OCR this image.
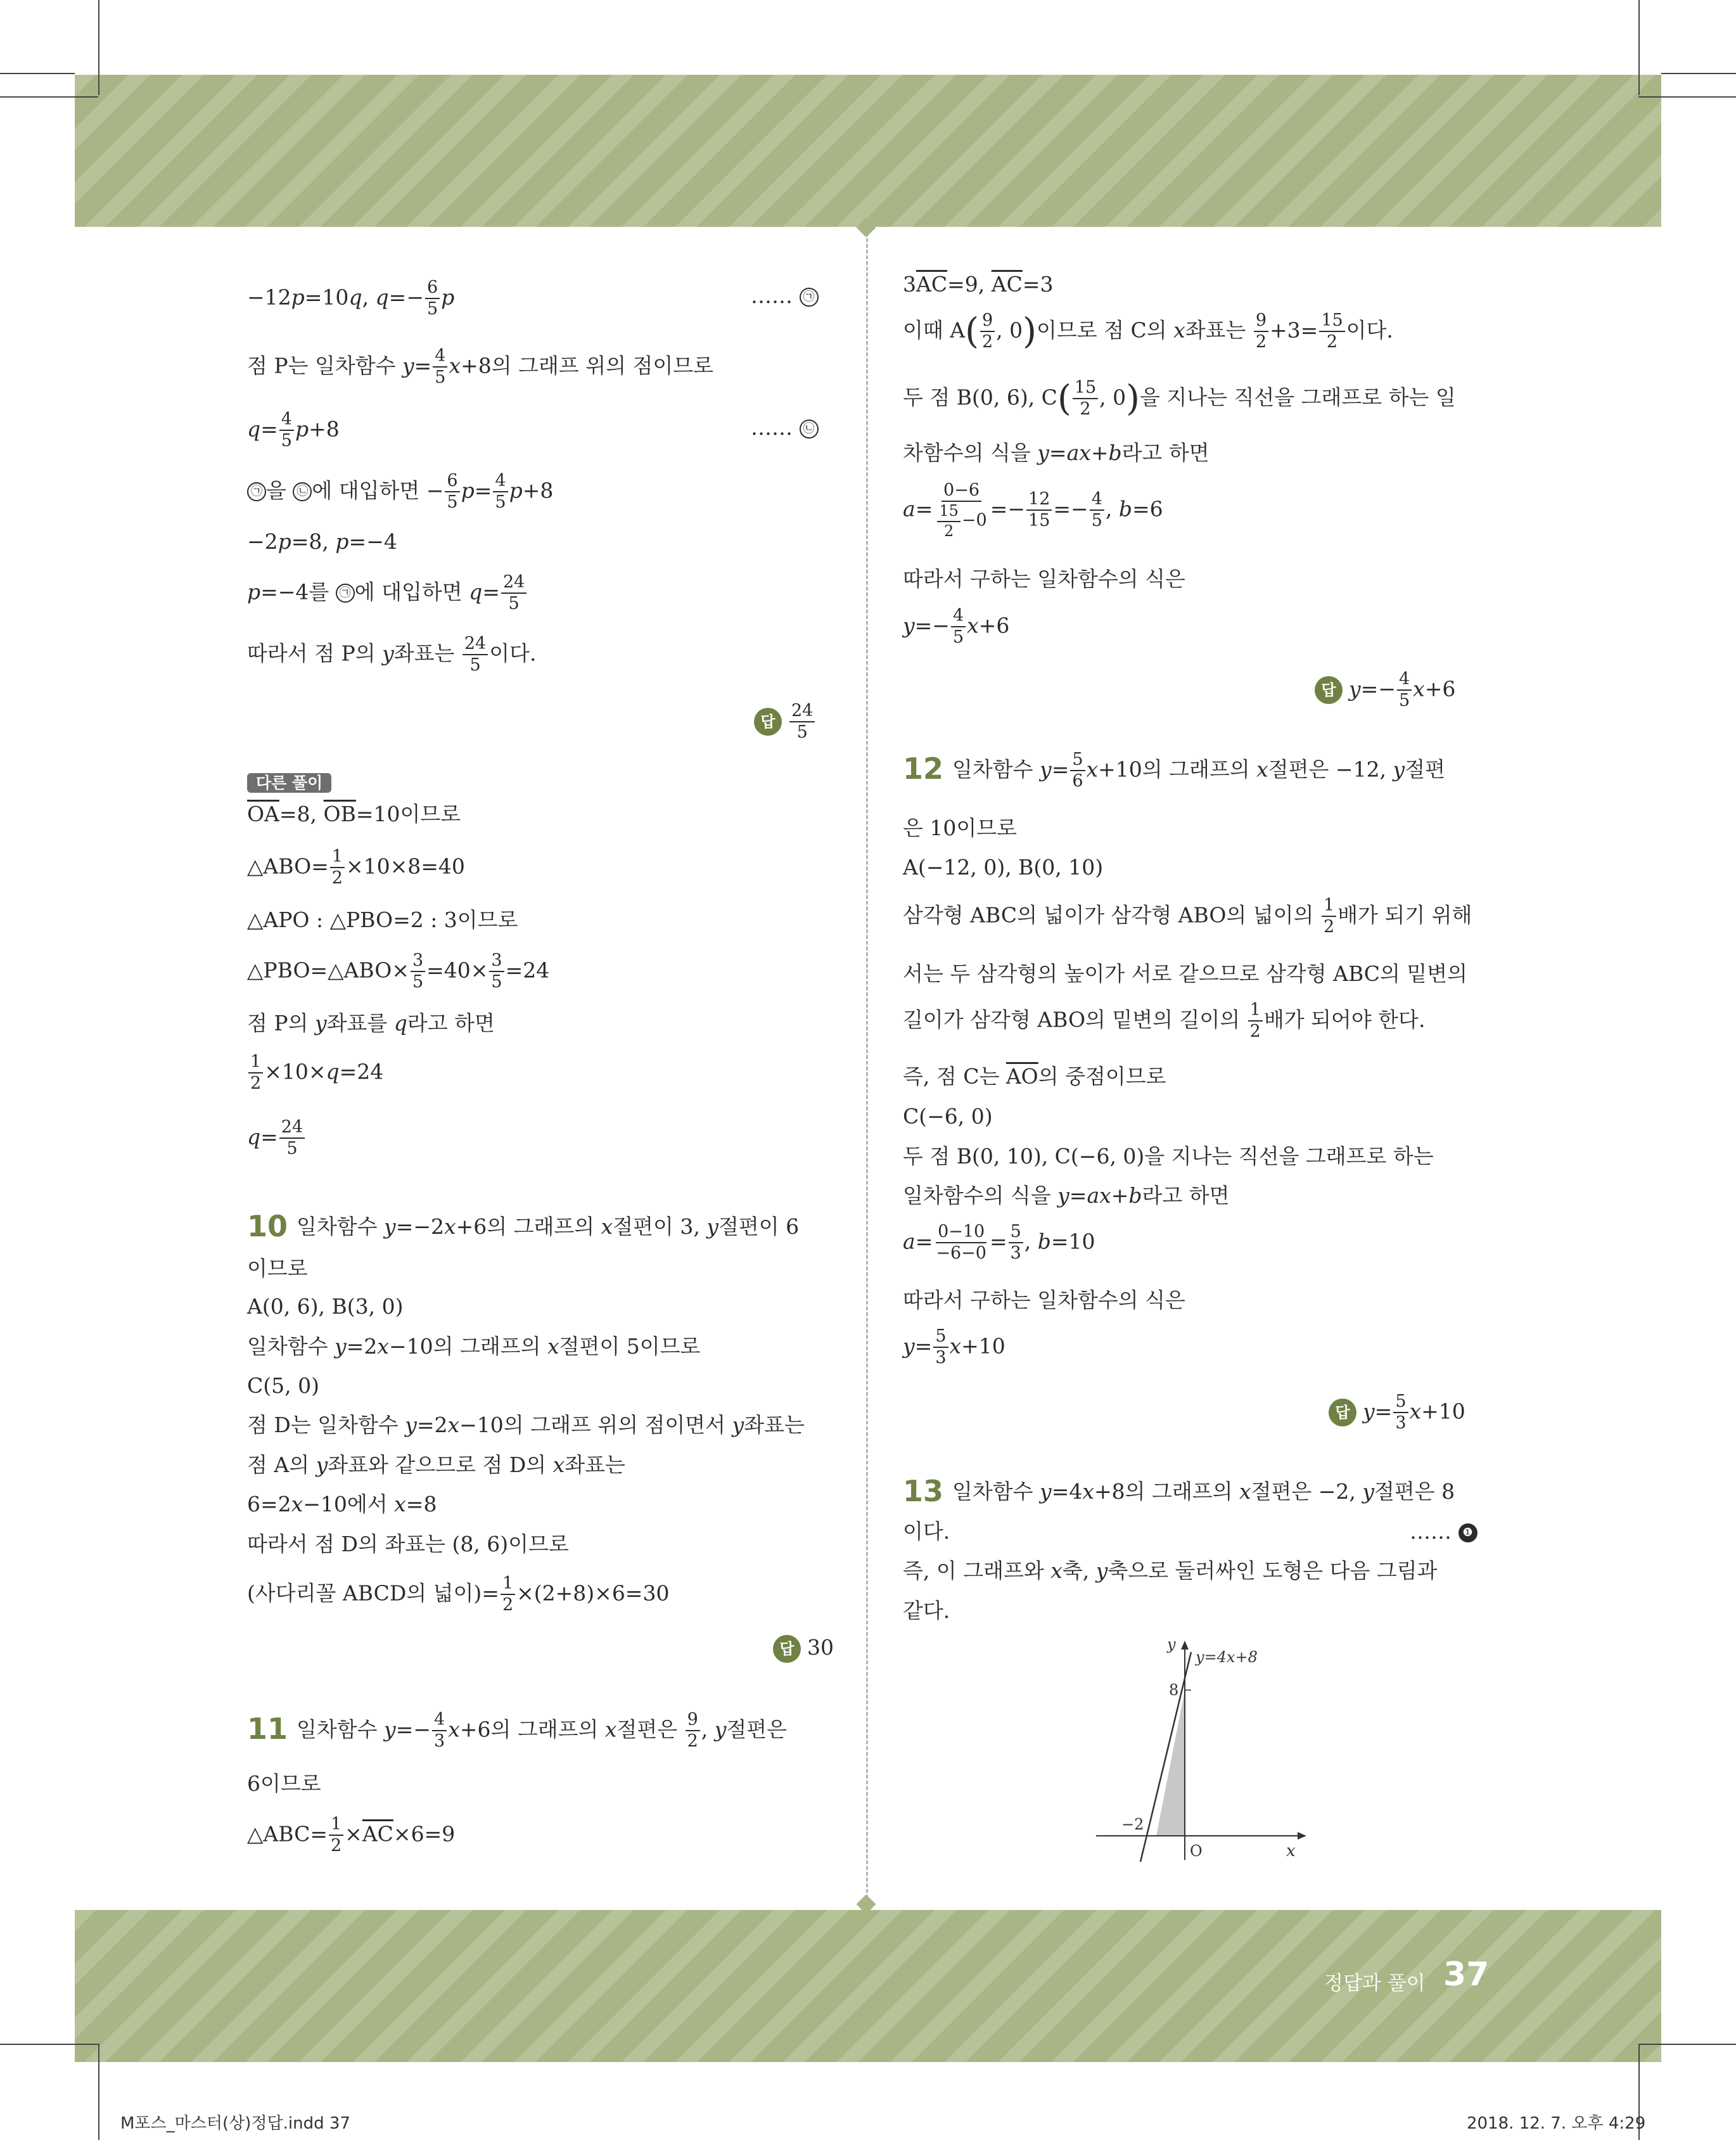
정답과 풀이 37
−12p=10q, $q=- \frac{6}{5}$ p	…… ㉠
점 P는 일차함수 $y= \frac{4}{5} x+8$의 그래프 위의 점이므로
$q= \frac{4}{5} p+8$	…… ㉡
㉠ 을 ㉡ 에 대입하면 − $\frac{6}{5} p= \frac{4}{5} p+8$
−2p=8, p=−4
p=−4를 ㉠ 에 대입하면 $q= \frac{24}{5}$
따라서 점 P의 y좌표는 $\frac{24}{5}$ 이다.
답 $\frac{24}{5}$
다른 풀이
$\overline{OA}=8$, $\overline{OB}=10$이므로
△ABO= $\frac{1}{2} \times 10\times 8=40$
△APO : △PBO=2 : 3이므로
△PBO=△ABO× $\frac{3}{5} =40\times \frac{3}{5} =24$
점 P의 y좌표를 q라고 하면
$\frac{1}{2} \times 10\times q=24$
$q= \frac{24}{5}$
10 일차함수 y=−2x+6의 그래프의 x절편이 3, y절편이 6
이므로
A(0, 6), B(3, 0)
일차함수 y=2x−10의 그래프의 x절편이 5이므로
C(5, 0)
점 D는 일차함수 y=2x−10의 그래프 위의 점이면서 y좌표는
점 A의 y좌표와 같으므로 점 D의 x좌표는
6=2x−10에서 x=8
따라서 점 D의 좌표는 (8, 6)이므로
(사다리꼴 ABCD의 넓이)= $\frac{1}{2} \times(2+8)\times 6=30$
답 30
11 일차함수 $y=- \frac{4}{3} x+6$의 그래프의 x절편은 $\frac{9}{2}$ , y절편은
6이므로
△ABC= $\frac{1}{2} \times\overline{AC}\times 6=9$
$3\overline{AC}=9$, $\overline{AC}=3$
이때 $A( \frac{9}{2}$ , 0)이므로 점 C의 x좌표는 $\frac{9}{2} +3= \frac{15}{2}$ 이다.
두 점 B(0, 6), $C( \frac{15}{2}$ , 0)을 지나는 직선을 그래프로 하는 일
차함수의 식을 y=ax+b라고 하면
$a= \frac{0-6}{\frac{15}{2} -0} =- \frac{12}{15} =- \frac{4}{5}$ , b=6
따라서 구하는 일차함수의 식은
$y=- \frac{4}{5} x+6$
답 $y=- \frac{4}{5} x+6$
12 일차함수 $y= \frac{5}{6} x+10$의 그래프의 x절편은 −12, y절편
은 10이므로
A(−12, 0), B(0, 10)
삼각형 ABC의 넓이가 삼각형 ABO의 넓이의 $\frac{1}{2}$ 배가 되기 위해
서는 두 삼각형의 높이가 서로 같으므로 삼각형 ABC의 밑변의
길이가 삼각형 ABO의 밑변의 길이의 $\frac{1}{2}$ 배가 되어야 한다.
즉, 점 C는 $\overline{AO}$의 중점이므로
C(−6, 0)
두 점 B(0, 10), C(−6, 0)을 지나는 직선을 그래프로 하는
일차함수의 식을 y=ax+b라고 하면
$a= \frac{0-10}{-6-0} = \frac{5}{3}$ , b=10
따라서 구하는 일차함수의 식은
$y= \frac{5}{3} x+10$
답 $y= \frac{5}{3} x+10$
13 일차함수 y=4x+8의 그래프의 x절편은 −2, y절편은 8
이다.	…… ❶
즉, 이 그래프와 x축, y축으로 둘러싸인 도형은 다음 그림과
같다.
y
x
O
y=4x+8
8
−2
M포스_마스터(상)정답.indd 37	2018. 12. 7. 오후 4:29
